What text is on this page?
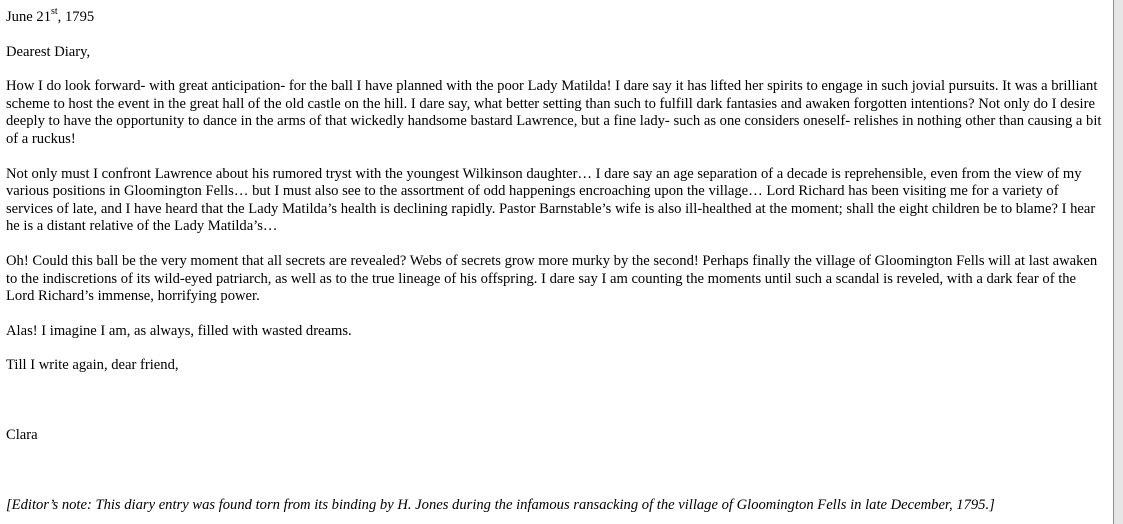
June 21st, 1795

Dearest Diary,

How I do look forward- with great anticipation- for the ball I have planned with the poor Lady Matilda! I dare say it has lifted her spirits to engage in such jovial pursuits. It was a brilliant scheme to host the event in the great hall of the old castle on the hill. I dare say, what better setting than such to fulfill dark fantasies and awaken forgotten intentions? Not only do I desire deeply to have the opportunity to dance in the arms of that wickedly handsome bastard Lawrence, but a fine lady- such as one considers oneself- relishes in nothing other than causing a bit of a ruckus!

Not only must I confront Lawrence about his rumored tryst with the youngest Wilkinson daughter… I dare say an age separation of a decade is reprehensible, even from the view of my various positions in Gloomington Fells… but I must also see to the assortment of odd happenings encroaching upon the village… Lord Richard has been visiting me for a variety of services of late, and I have heard that the Lady Matilda’s health is declining rapidly. Pastor Barnstable’s wife is also ill-healthed at the moment; shall the eight children be to blame? I hear he is a distant relative of the Lady Matilda’s…

Oh! Could this ball be the very moment that all secrets are revealed? Webs of secrets grow more murky by the second! Perhaps finally the village of Gloomington Fells will at last awaken to the indiscretions of its wild-eyed patriarch, as well as to the true lineage of his offspring. I dare say I am counting the moments until such a scandal is reveled, with a dark fear of the Lord Richard’s immense, horrifying power.

Alas! I imagine I am, as always, filled with wasted dreams.

Till I write again, dear friend,

Clara

[Editor’s note: This diary entry was found torn from its binding by H. Jones during the infamous ransacking of the village of Gloomington Fells in late December, 1795.]
